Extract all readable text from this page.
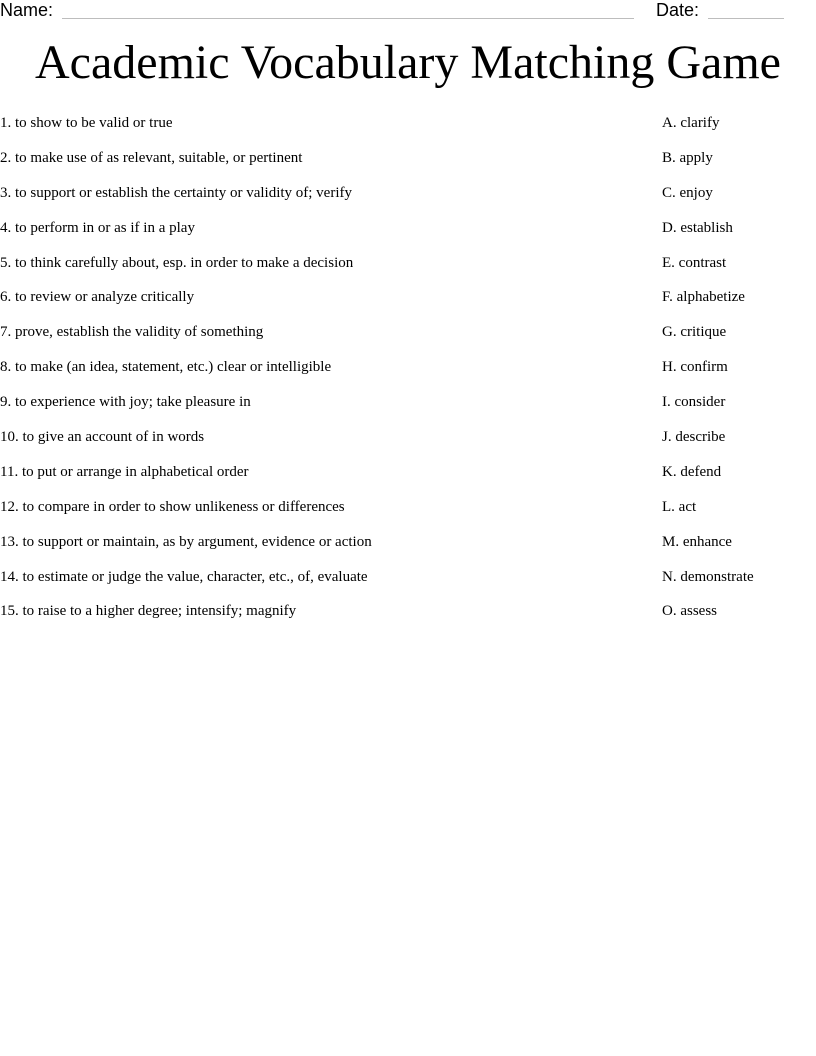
Name:	Date:
Academic Vocabulary Matching Game
1. to show to be valid or true	A. clarify
2. to make use of as relevant, suitable, or pertinent	B. apply
3. to support or establish the certainty or validity of; verify	C. enjoy
4. to perform in or as if in a play	D. establish
5. to think carefully about, esp. in order to make a decision	E. contrast
6. to review or analyze critically	F. alphabetize
7. prove, establish the validity of something	G. critique
8. to make (an idea, statement, etc.) clear or intelligible	H. confirm
9. to experience with joy; take pleasure in	I. consider
10. to give an account of in words	J. describe
11. to put or arrange in alphabetical order	K. defend
12. to compare in order to show unlikeness or differences	L. act
13. to support or maintain, as by argument, evidence or action	M. enhance
14. to estimate or judge the value, character, etc., of, evaluate	N. demonstrate
15. to raise to a higher degree; intensify; magnify	O. assess
